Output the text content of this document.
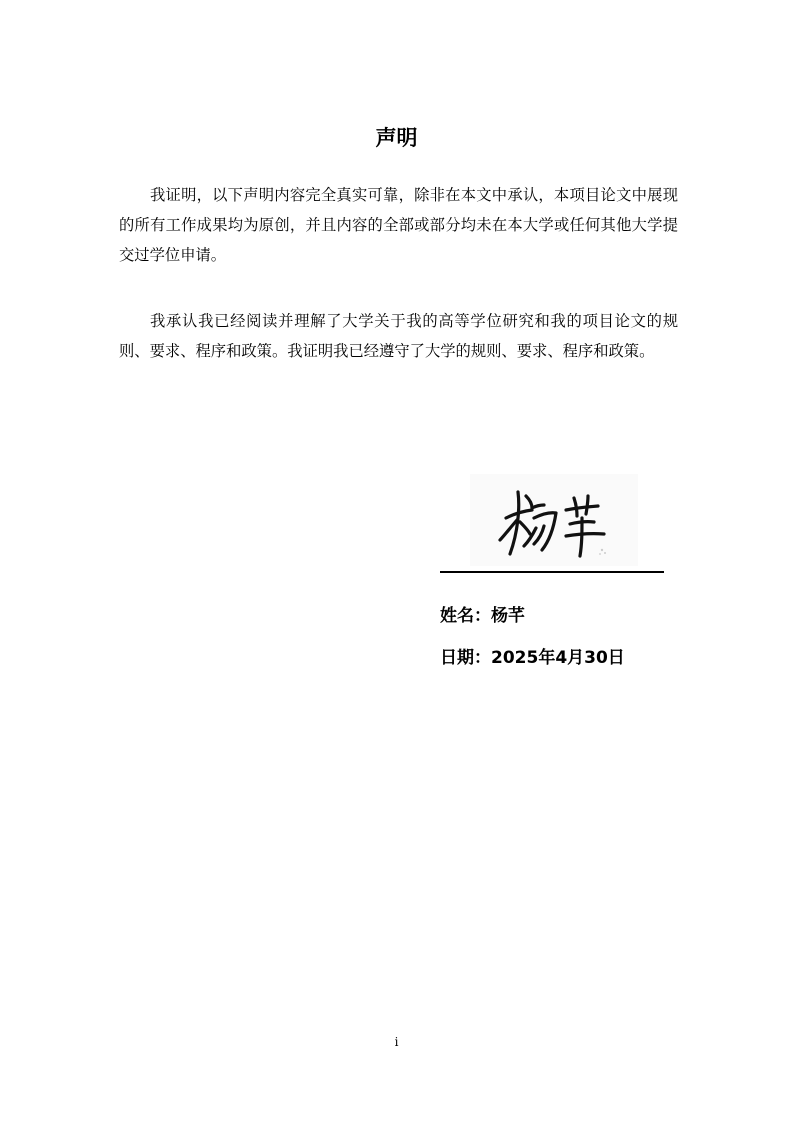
声明

我证明，以下声明内容完全真实可靠，除非在本文中承认，本项目论文中展现的所有工作成果均为原创，并且内容的全部或部分均未在本大学或任何其他大学提交过学位申请。

我承认我已经阅读并理解了大学关于我的高等学位研究和我的项目论文的规则、要求、程序和政策。我证明我已经遵守了大学的规则、要求、程序和政策。

姓名：杨芊
日期：2025年4月30日
i
